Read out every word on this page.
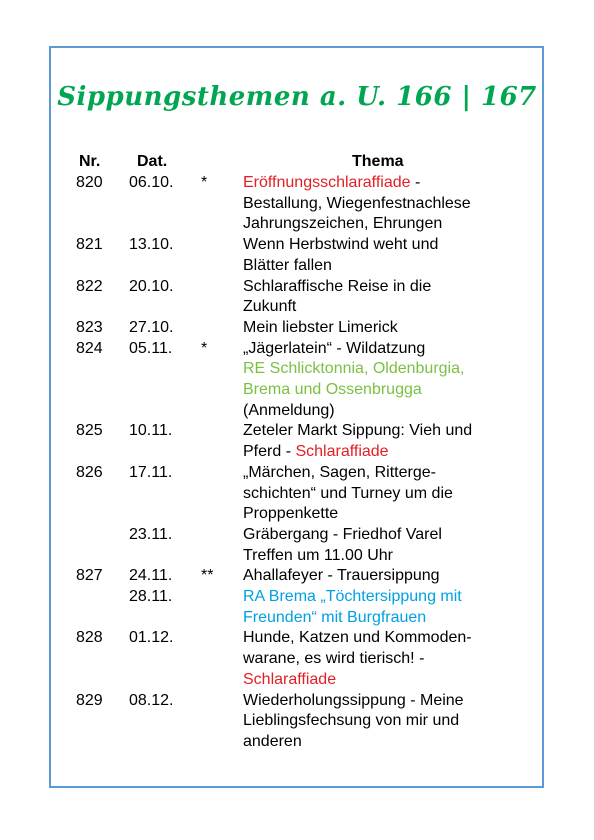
Sippungsthemen a. U. 166 | 167
Nr. Dat.	Thema
820 06.10. * Eröffnungsschlaraffiade -
Bestallung, Wiegenfestnachlese
Jahrungszeichen, Ehrungen
821 13.10.	Wenn Herbstwind weht und
Blätter fallen
822 20.10.	Schlaraffische Reise in die
Zukunft
823 27.10.	Mein liebster Limerick
824 05.11. * „Jägerlatein“ - Wildatzung
RE Schlicktonnia, Oldenburgia,
Brema und Ossenbrugga
(Anmeldung)
825 10.11.	Zeteler Markt Sippung: Vieh und
Pferd - Schlaraffiade
826 17.11.	„Märchen, Sagen, Ritterge-
schichten“ und Turney um die
Proppenkette
23.11.	Gräbergang - Friedhof Varel
Treffen um 11.00 Uhr
827 24.11. ** Ahallafeyer - Trauersippung
28.11.	RA Brema „Töchtersippung mit
Freunden“ mit Burgfrauen
828 01.12.	Hunde, Katzen und Kommoden-
warane, es wird tierisch! -
Schlaraffiade
829 08.12.	Wiederholungssippung - Meine
Lieblingsfechsung von mir und
anderen
